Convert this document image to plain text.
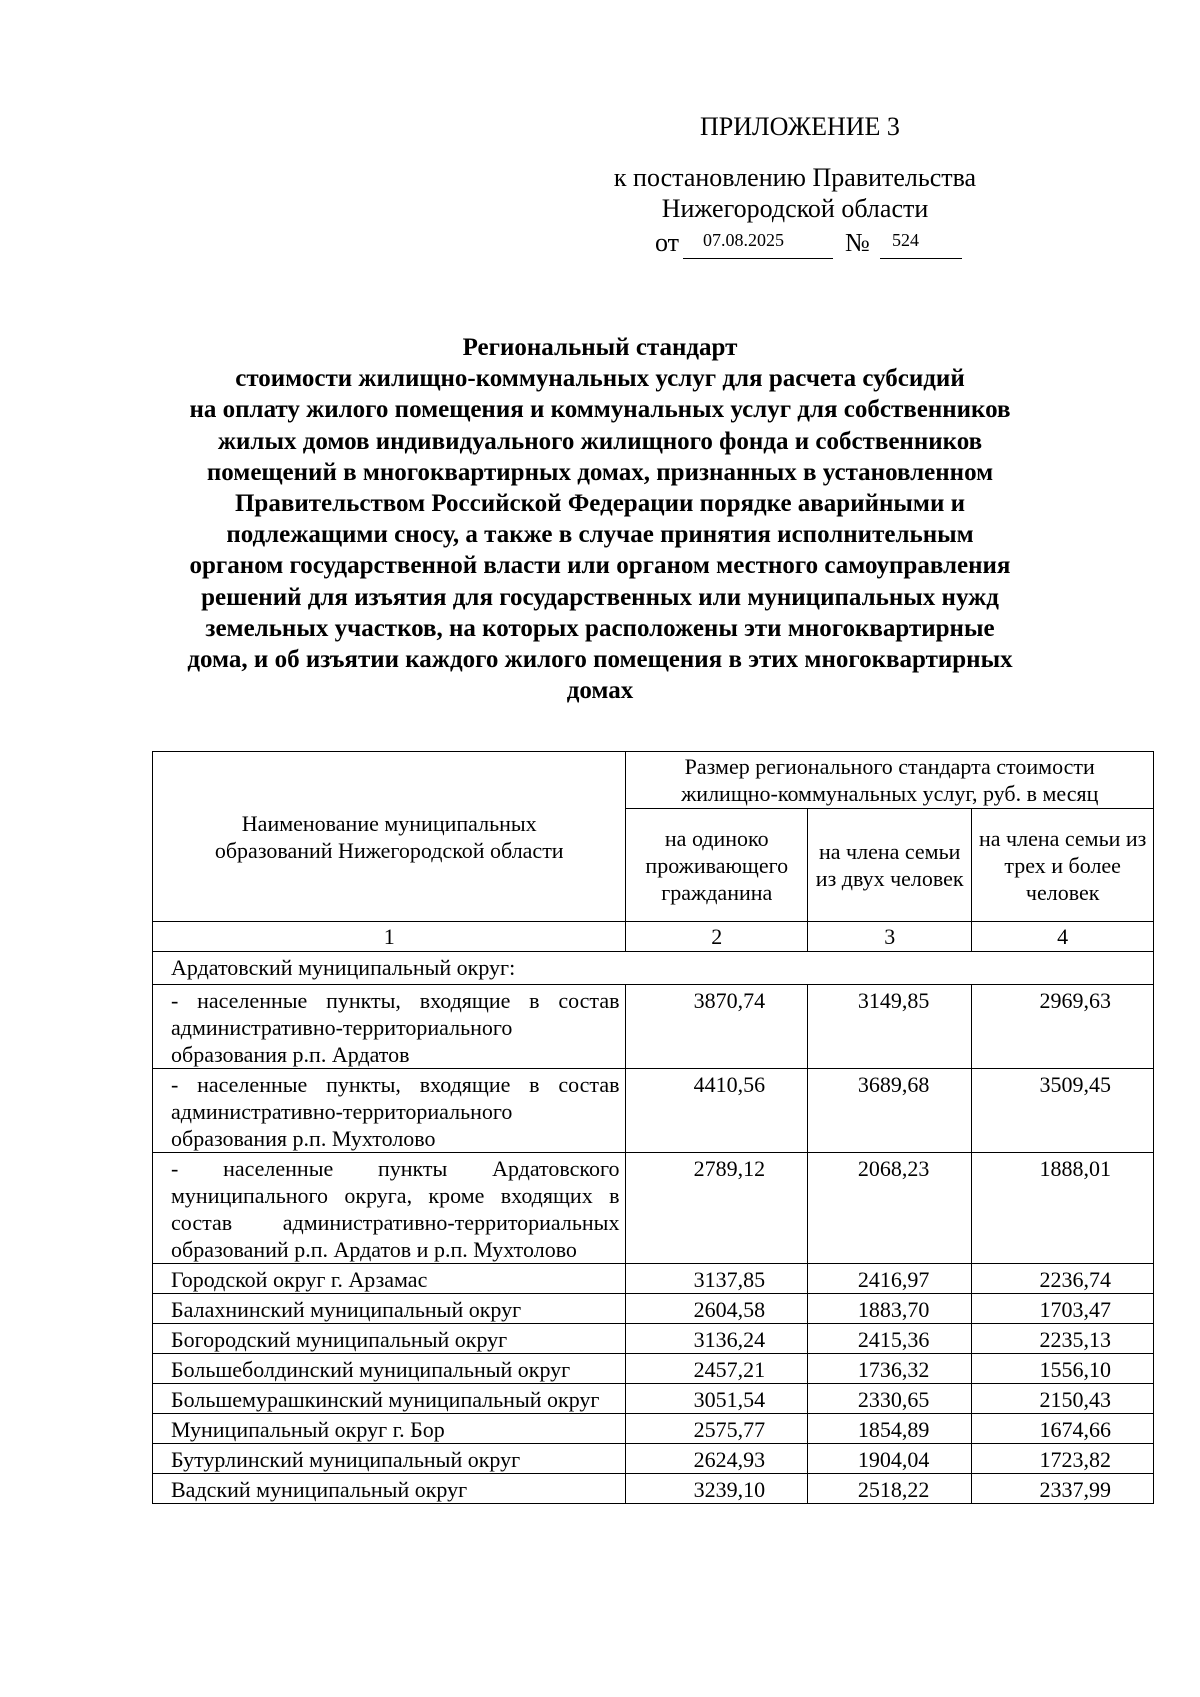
ПРИЛОЖЕНИЕ 3
к постановлению Правительства
Нижегородской области
от 07.08.2025 № 524
Региональный стандарт
стоимости жилищно-коммунальных услуг для расчета субсидий
на оплату жилого помещения и коммунальных услуг для собственников
жилых домов индивидуального жилищного фонда и собственников
помещений в многоквартирных домах, признанных в установленном
Правительством Российской Федерации порядке аварийными и
подлежащими сносу, а также в случае принятия исполнительным
органом государственной власти или органом местного самоуправления
решений для изъятия для государственных или муниципальных нужд
земельных участков, на которых расположены эти многоквартирные
дома, и об изъятии каждого жилого помещения в этих многоквартирных
домах
Наименование муниципальных образований Нижегородской области	Размер регионального стандарта стоимости жилищно-коммунальных услуг, руб. в месяц		
	на одиноко проживающего гражданина	на члена семьи из двух человек	на члена семьи из трех и более человек
1	2	3	4
Ардатовский муниципальный округ:			
- населенные пункты, входящие в состав административно-территориального образования р.п. Ардатов	3870,74	3149,85	2969,63
- населенные пункты, входящие в состав административно-территориального образования р.п. Мухтолово	4410,56	3689,68	3509,45
- населенные пункты Ардатовского муниципального округа, кроме входящих в состав административно-территориальных образований р.п. Ардатов и р.п. Мухтолово	2789,12	2068,23	1888,01
Городской округ г. Арзамас	3137,85	2416,97	2236,74
Балахнинский муниципальный округ	2604,58	1883,70	1703,47
Богородский муниципальный округ	3136,24	2415,36	2235,13
Большеболдинский муниципальный округ	2457,21	1736,32	1556,10
Большемурашкинский муниципальный округ	3051,54	2330,65	2150,43
Муниципальный округ г. Бор	2575,77	1854,89	1674,66
Бутурлинский муниципальный округ	2624,93	1904,04	1723,82
Вадский муниципальный округ	3239,10	2518,22	2337,99
